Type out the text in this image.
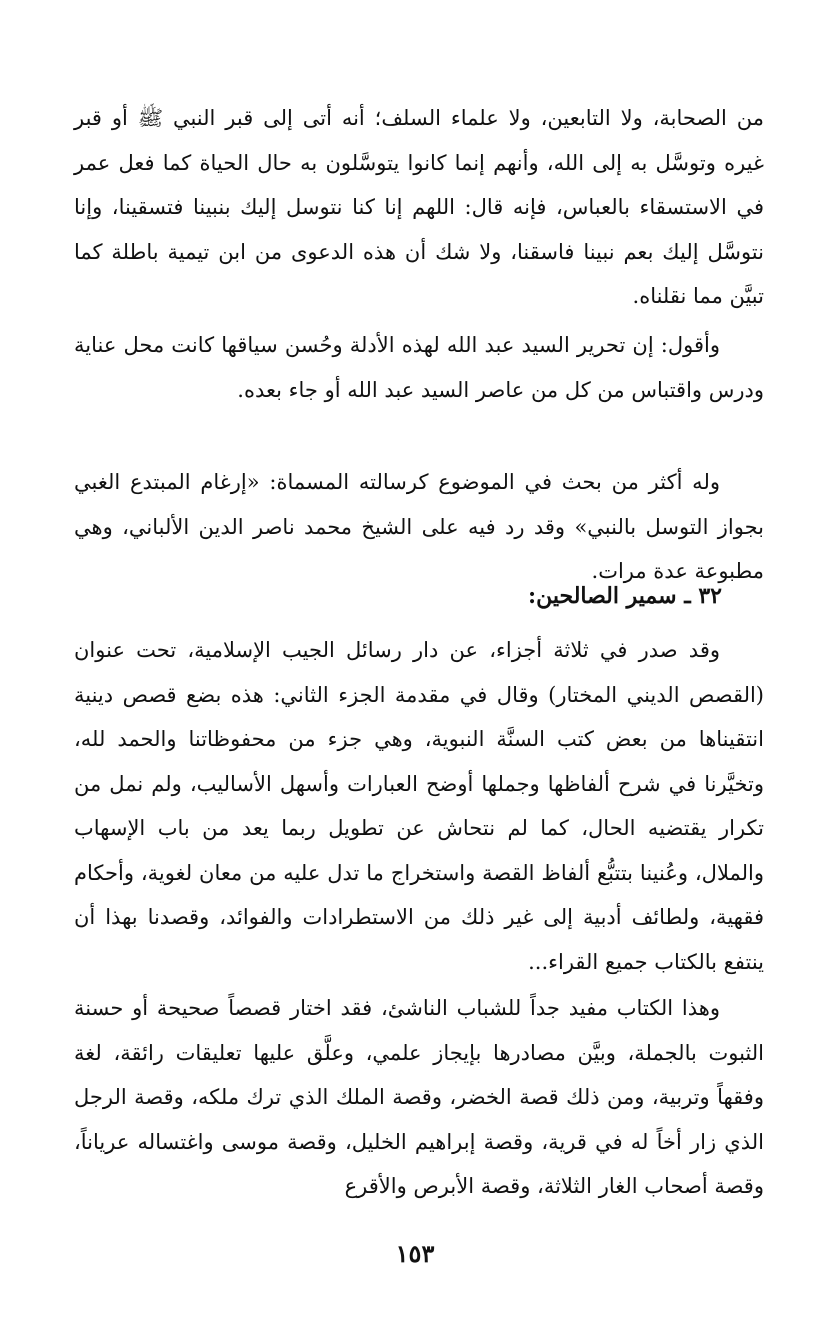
من الصحابة، ولا التابعين، ولا علماء السلف؛ أنه أتى إلى قبر النبي ﷺ أو قبر غيره وتوسَّل به إلى الله، وأنهم إنما كانوا يتوسَّلون به حال الحياة كما فعل عمر في الاستسقاء بالعباس، فإنه قال: اللهم إنا كنا نتوسل إليك بنبينا فتسقينا، وإنا نتوسَّل إليك بعم نبينا فاسقنا، ولا شك أن هذه الدعوى من ابن تيمية باطلة كما تبيَّن مما نقلناه.

وأقول: إن تحرير السيد عبد الله لهذه الأدلة وحُسن سياقها كانت محل عناية ودرس واقتباس من كل من عاصر السيد عبد الله أو جاء بعده.

وله أكثر من بحث في الموضوع كرسالته المسماة: «إرغام المبتدع الغبي بجواز التوسل بالنبي» وقد رد فيه على الشيخ محمد ناصر الدين الألباني، وهي مطبوعة عدة مرات.

٣٢ ـ سمير الصالحين:

وقد صدر في ثلاثة أجزاء، عن دار رسائل الجيب الإسلامية، تحت عنوان (القصص الديني المختار) وقال في مقدمة الجزء الثاني: هذه بضع قصص دينية انتقيناها من بعض كتب السنَّة النبوية، وهي جزء من محفوظاتنا والحمد لله، وتخيَّرنا في شرح ألفاظها وجملها أوضح العبارات وأسهل الأساليب، ولم نمل من تكرار يقتضيه الحال، كما لم نتحاش عن تطويل ربما يعد من باب الإسهاب والملال، وعُنينا بتتبُّع ألفاظ القصة واستخراج ما تدل عليه من معان لغوية، وأحكام فقهية، ولطائف أدبية إلى غير ذلك من الاستطرادات والفوائد، وقصدنا بهذا أن ينتفع بالكتاب جميع القراء...

وهذا الكتاب مفيد جداً للشباب الناشئ، فقد اختار قصصاً صحيحة أو حسنة الثبوت بالجملة، وبيَّن مصادرها بإيجاز علمي، وعلَّق عليها تعليقات رائقة، لغة وفقهاً وتربية، ومن ذلك قصة الخضر، وقصة الملك الذي ترك ملكه، وقصة الرجل الذي زار أخاً له في قرية، وقصة إبراهيم الخليل، وقصة موسى واغتساله عرياناً، وقصة أصحاب الغار الثلاثة، وقصة الأبرص والأقرع

١٥٣
